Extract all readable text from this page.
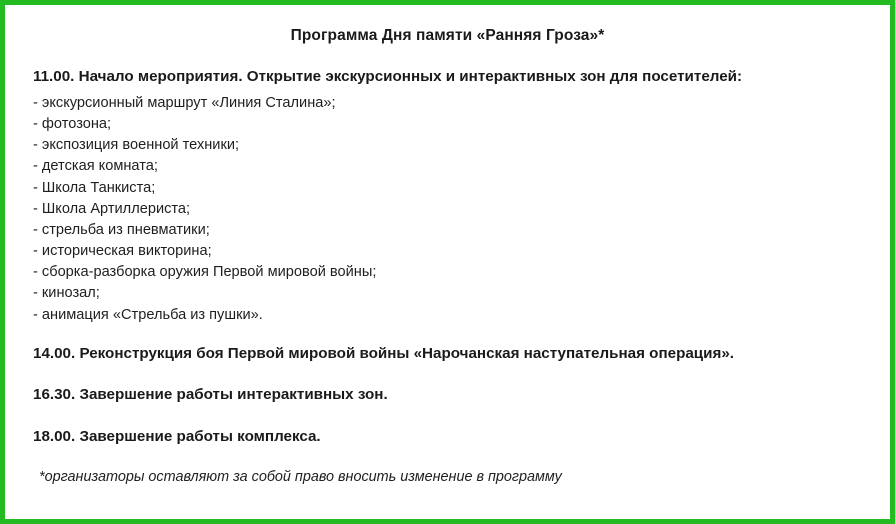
Программа Дня памяти «Ранняя Гроза»*

11.00. Начало мероприятия. Открытие экскурсионных и интерактивных зон для посетителей:

- экскурсионный маршрут «Линия Сталина»;

- фотозона;

- экспозиция военной техники;

- детская комната;

- Школа Танкиста;

- Школа Артиллериста;

- стрельба из пневматики;

- историческая викторина;

- сборка-разборка оружия Первой мировой войны;

- кинозал;

- анимация «Стрельба из пушки».

14.00. Реконструкция боя Первой мировой войны «Нарочанская наступательная операция».

16.30. Завершение работы интерактивных зон.

18.00. Завершение работы комплекса.

*организаторы оставляют за собой право вносить изменение в программу
